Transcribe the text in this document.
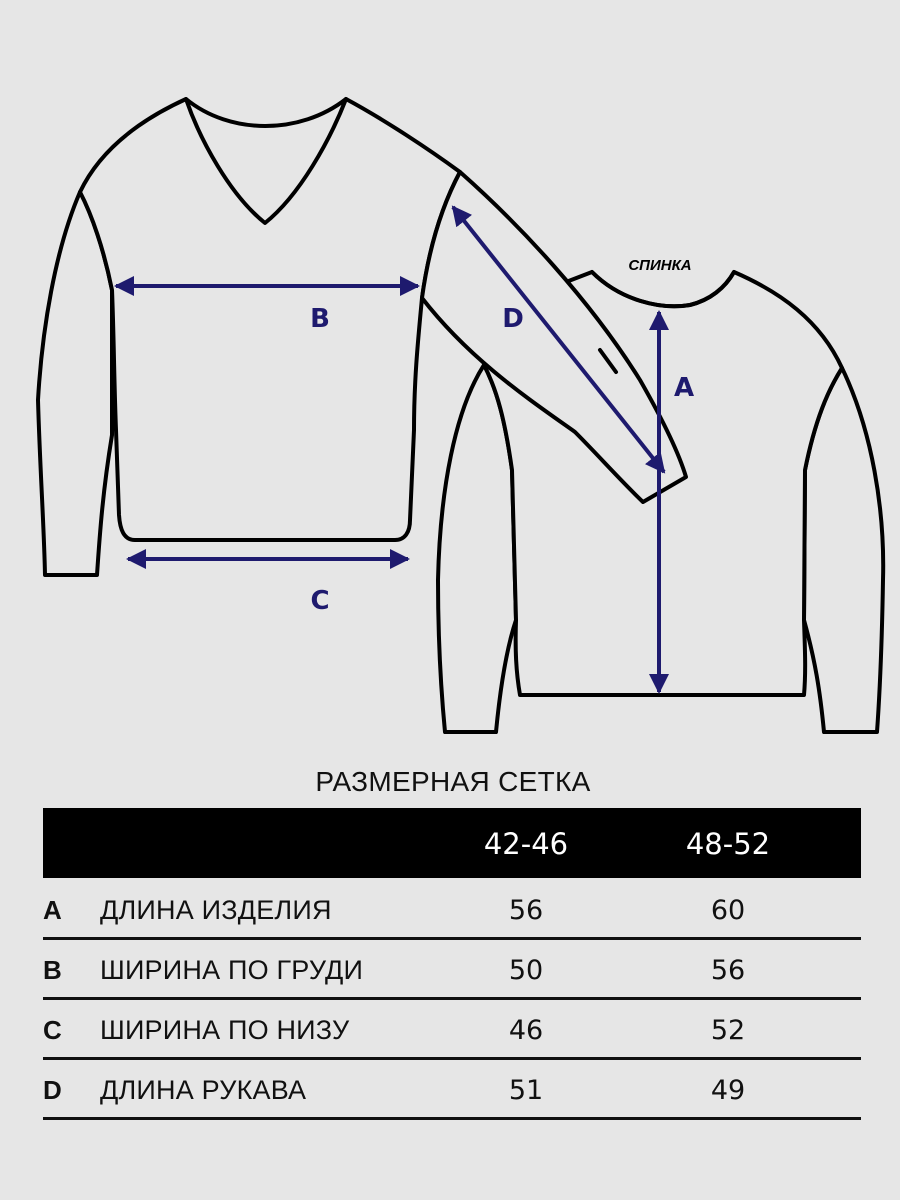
B
C
D
A
СПИНКА
РАЗМЕРНАЯ СЕТКА
42-46	48-52
A ДЛИНА ИЗДЕЛИЯ	56	60
B ШИРИНА ПО ГРУДИ	50	56
C ШИРИНА ПО НИЗУ	46	52
D ДЛИНА РУКАВА	51	49
